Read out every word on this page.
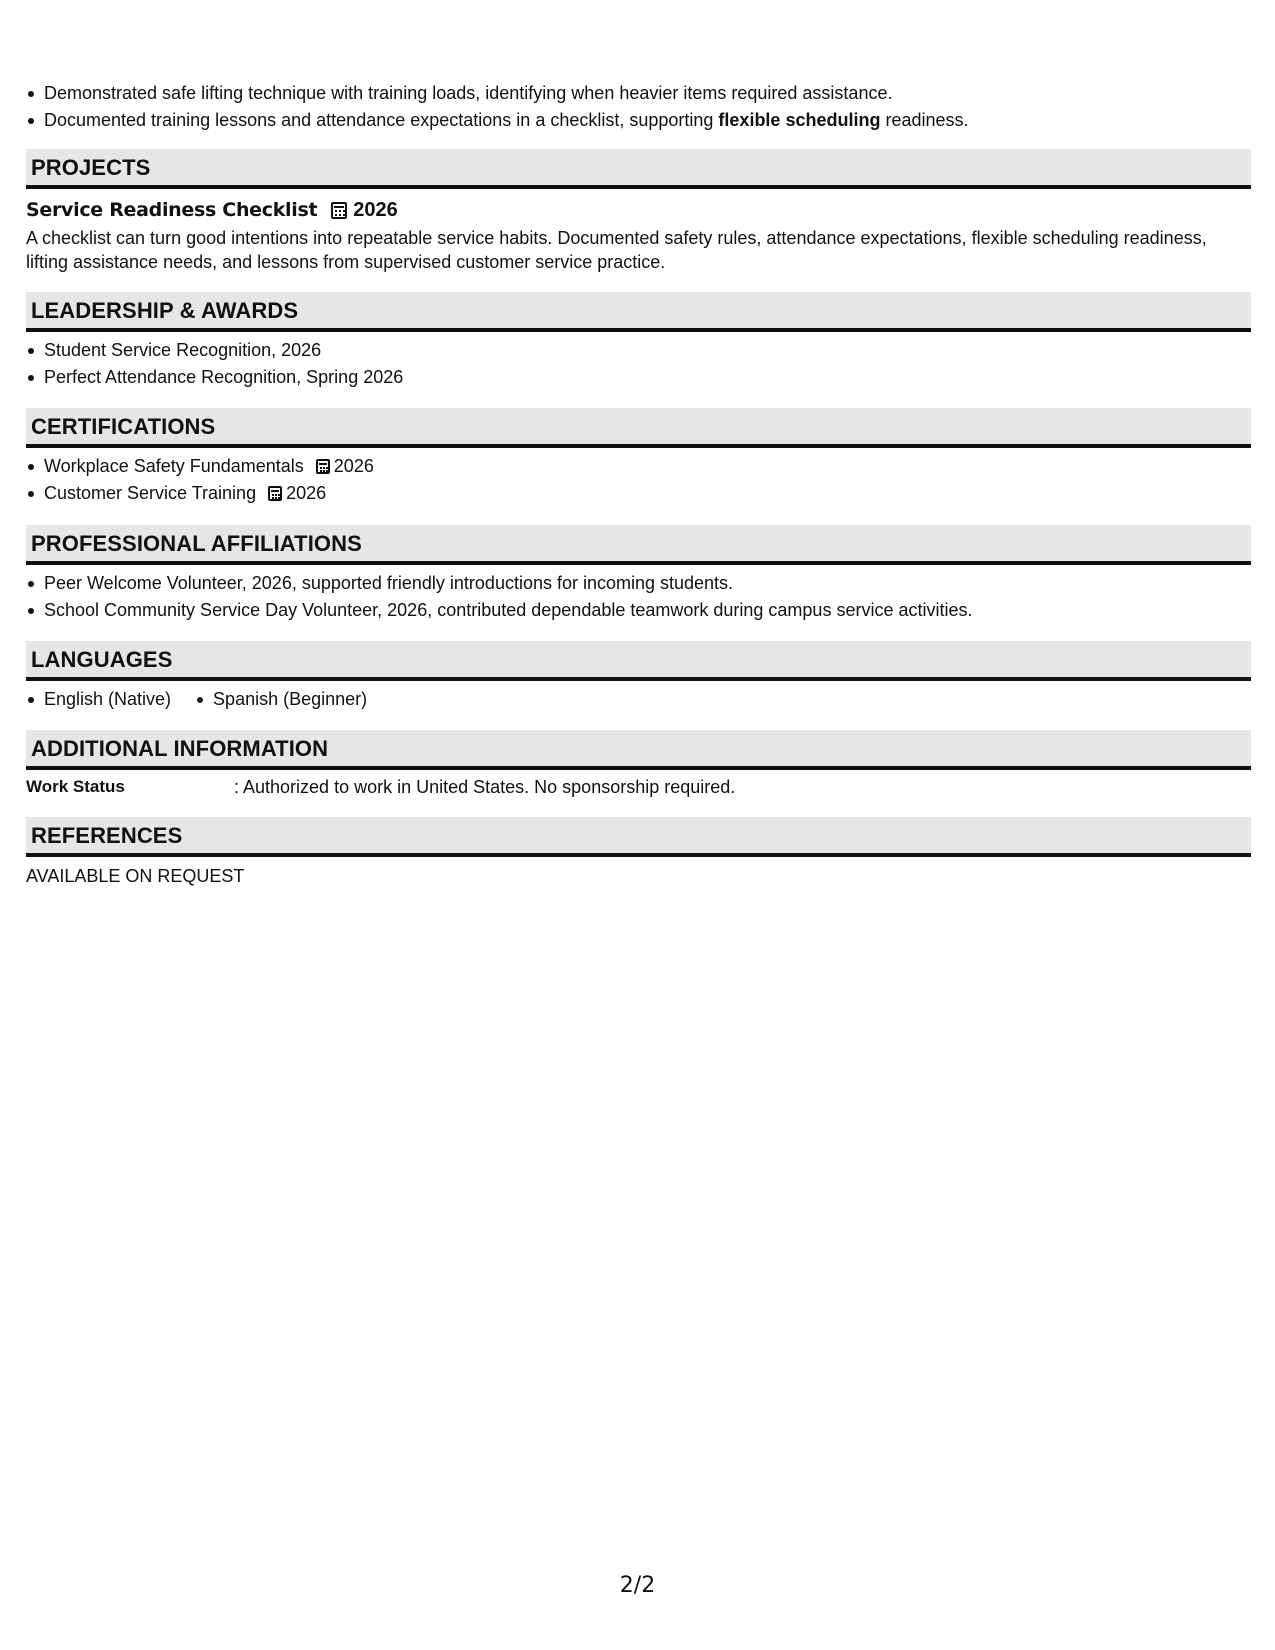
Demonstrated safe lifting technique with training loads, identifying when heavier items required assistance.
Documented training lessons and attendance expectations in a checklist, supporting flexible scheduling readiness.
PROJECTS
Service Readiness Checklist 2026
A checklist can turn good intentions into repeatable service habits. Documented safety rules, attendance expectations, flexible scheduling readiness, lifting assistance needs, and lessons from supervised customer service practice.
LEADERSHIP & AWARDS
Student Service Recognition, 2026
Perfect Attendance Recognition, Spring 2026
CERTIFICATIONS
Workplace Safety Fundamentals 2026
Customer Service Training 2026
PROFESSIONAL AFFILIATIONS
Peer Welcome Volunteer, 2026, supported friendly introductions for incoming students.
School Community Service Day Volunteer, 2026, contributed dependable teamwork during campus service activities.
LANGUAGES
English (Native)	Spanish (Beginner)
ADDITIONAL INFORMATION
Work Status	: Authorized to work in United States. No sponsorship required.
REFERENCES
AVAILABLE ON REQUEST
2/2
